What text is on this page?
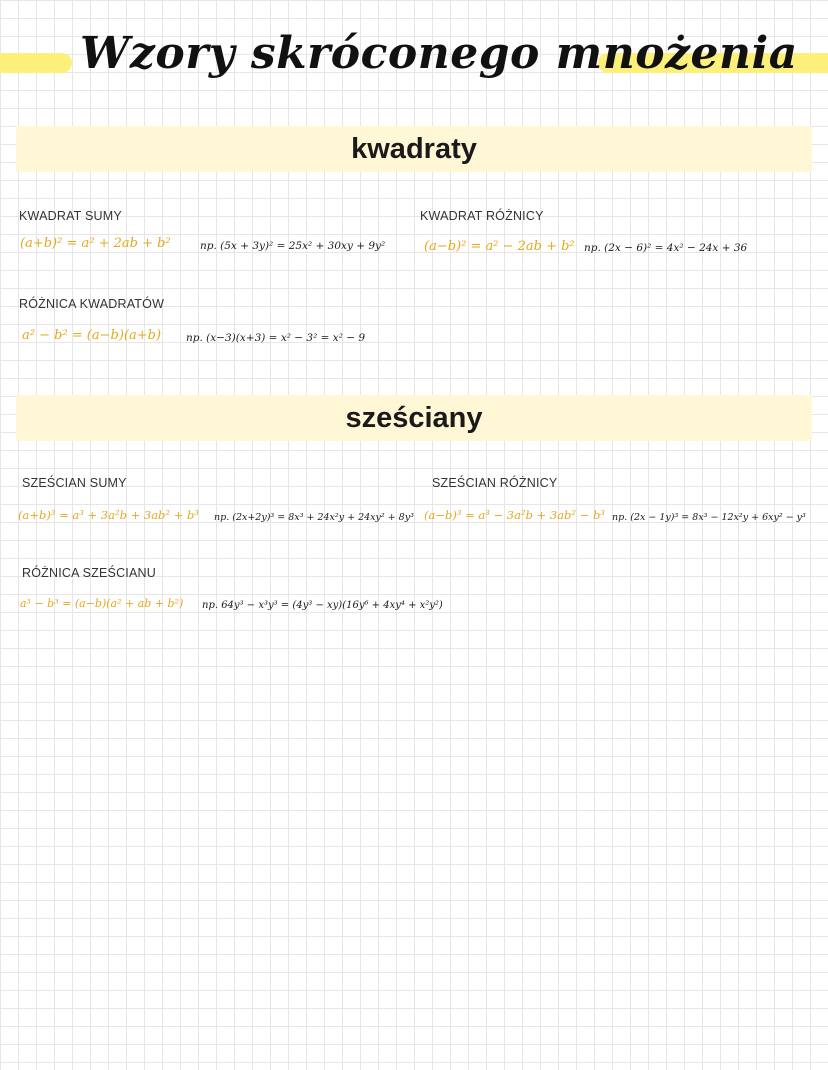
Wzory skróconego mnożenia
kwadraty
KWADRAT SUMY
(a+b)² = a² + 2ab + b²	np. (5x + 3y)² = 25x² + 30xy + 9y²
KWADRAT RÓŻNICY
(a−b)² = a² − 2ab + b² np. (2x − 6)² = 4x² − 24x + 36
RÓŻNICA KWADRATÓW
a² − b² = (a−b)(a+b) np. (x−3)(x+3) = x² − 3² = x² − 9
sześciany
SZEŚCIAN SUMY
(a+b)³ = a³ + 3a²b + 3ab² + b³ np. (2x+2y)³ = 8x³ + 24x²y + 24xy² + 8y³
SZEŚCIAN RÓŻNICY
(a−b)³ = a³ − 3a²b + 3ab² − b³ np. (2x − 1y)³ = 8x³ − 12x²y + 6xy² − y³
RÓŻNICA SZEŚCIANU
a³ − b³ = (a−b)(a² + ab + b²) np. 64y³ − x³y³ = (4y³ − xy)(16y⁶ + 4xy⁴ + x²y²)
